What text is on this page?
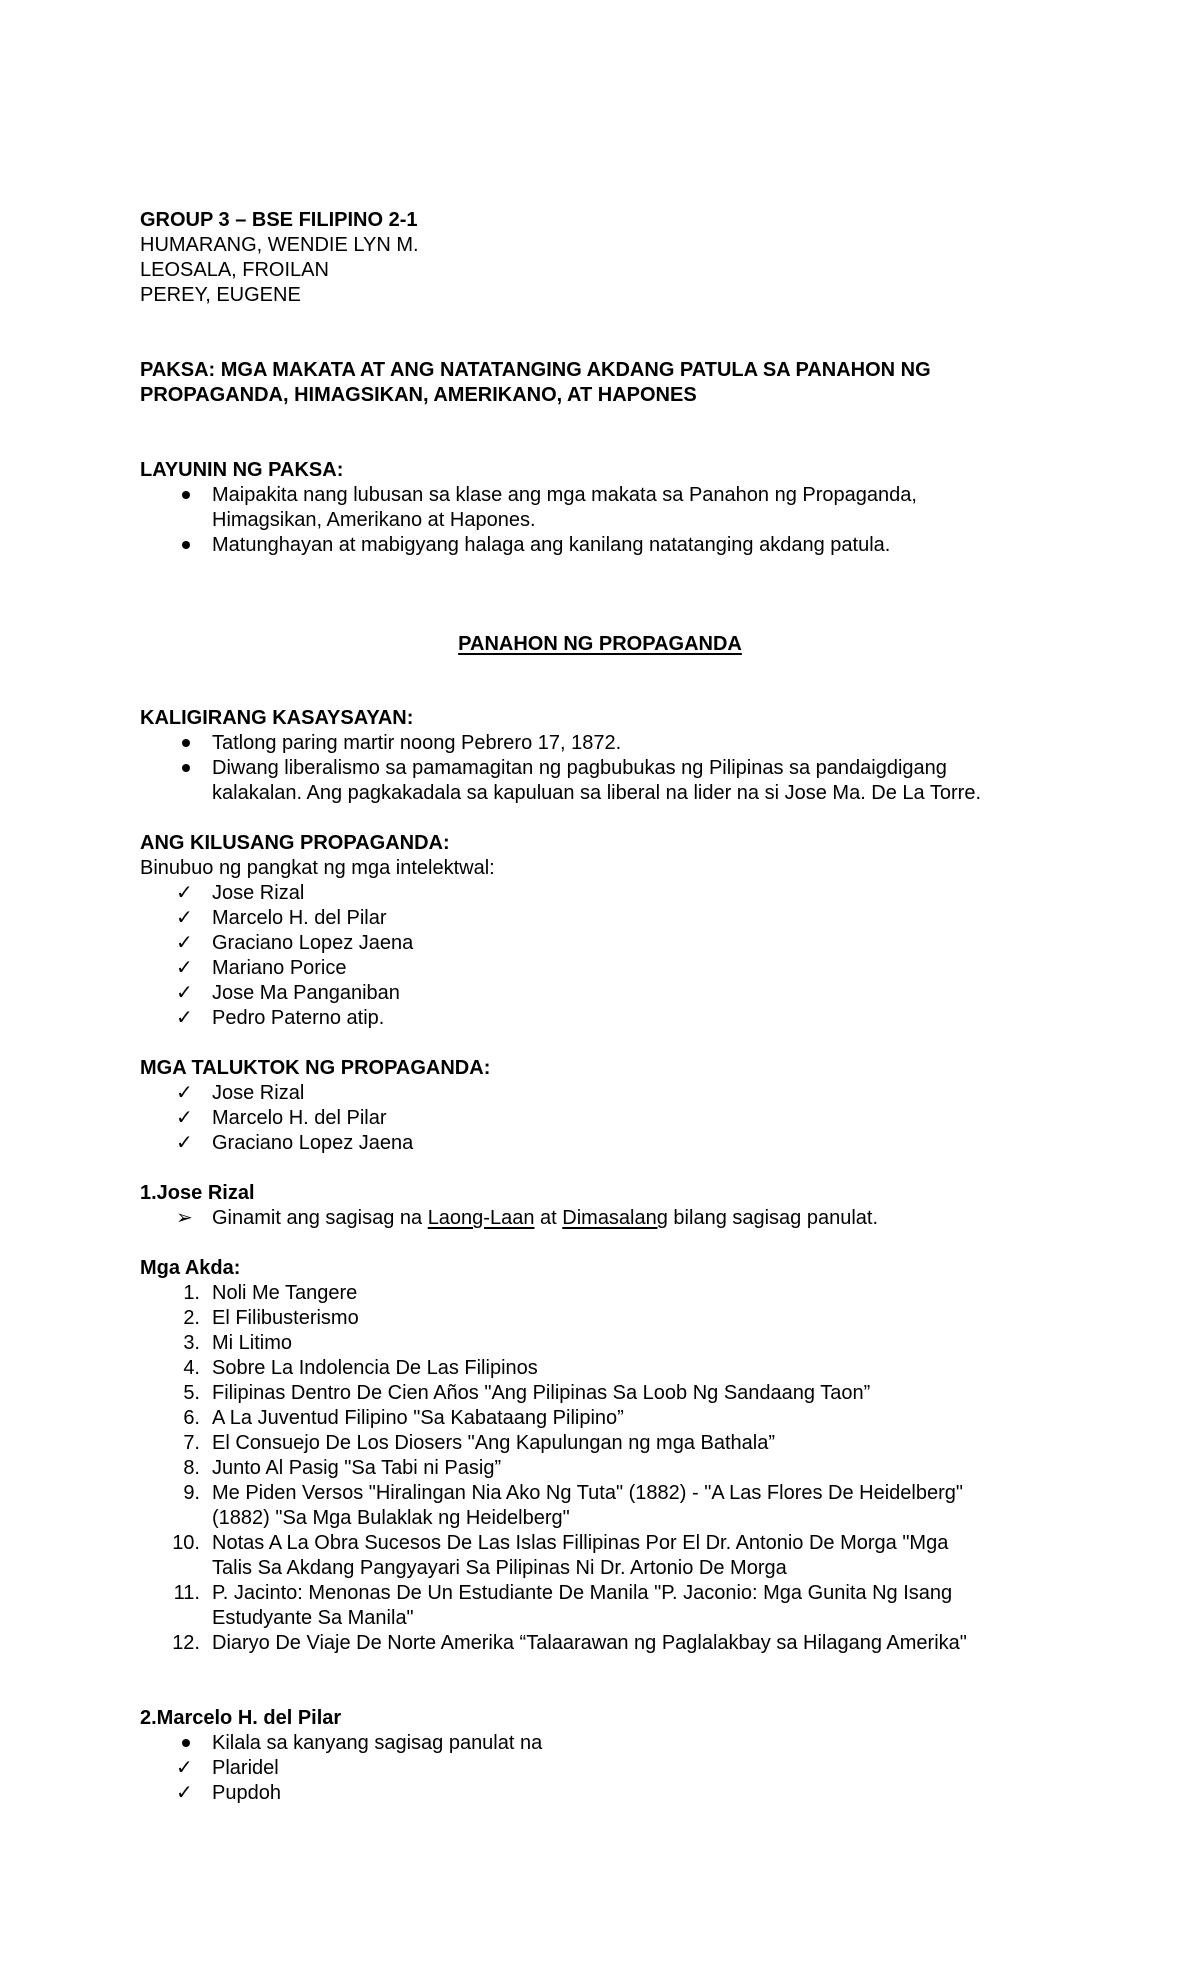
GROUP 3 – BSE FILIPINO 2-1
HUMARANG, WENDIE LYN M.
LEOSALA, FROILAN
PEREY, EUGENE
PAKSA: MGA MAKATA AT ANG NATATANGING AKDANG PATULA SA PANAHON NG
PROPAGANDA, HIMAGSIKAN, AMERIKANO, AT HAPONES
LAYUNIN NG PAKSA:
Maipakita nang lubusan sa klase ang mga makata sa Panahon ng Propaganda,
Himagsikan, Amerikano at Hapones.
Matunghayan at mabigyang halaga ang kanilang natatanging akdang patula.
PANAHON NG PROPAGANDA
KALIGIRANG KASAYSAYAN:
Tatlong paring martir noong Pebrero 17, 1872.
Diwang liberalismo sa pamamagitan ng pagbubukas ng Pilipinas sa pandaigdigang
kalakalan. Ang pagkakadala sa kapuluan sa liberal na lider na si Jose Ma. De La Torre.
ANG KILUSANG PROPAGANDA:
Binubuo ng pangkat ng mga intelektwal:
✓ Jose Rizal
✓ Marcelo H. del Pilar
✓ Graciano Lopez Jaena
✓ Mariano Porice
✓ Jose Ma Panganiban
✓ Pedro Paterno atip.
MGA TALUKTOK NG PROPAGANDA:
✓ Jose Rizal
✓ Marcelo H. del Pilar
✓ Graciano Lopez Jaena
1.Jose Rizal
➢ Ginamit ang sagisag na Laong-Laan at Dimasalang bilang sagisag panulat.
Mga Akda:
1. Noli Me Tangere
2. El Filibusterismo
3. Mi Litimo
4. Sobre La Indolencia De Las Filipinos
5. Filipinas Dentro De Cien Años "Ang Pilipinas Sa Loob Ng Sandaang Taon”
6. A La Juventud Filipino "Sa Kabataang Pilipino”
7. El Consuejo De Los Diosers "Ang Kapulungan ng mga Bathala”
8. Junto Al Pasig "Sa Tabi ni Pasig”
9. Me Piden Versos "Hiralingan Nia Ako Ng Tuta" (1882) - "A Las Flores De Heidelberg"
(1882) "Sa Mga Bulaklak ng Heidelberg"
10. Notas A La Obra Sucesos De Las Islas Fillipinas Por El Dr. Antonio De Morga "Mga
Talis Sa Akdang Pangyayari Sa Pilipinas Ni Dr. Artonio De Morga
11. P. Jacinto: Menonas De Un Estudiante De Manila "P. Jaconio: Mga Gunita Ng Isang
Estudyante Sa Manila"
12. Diaryo De Viaje De Norte Amerika “Talaarawan ng Paglalakbay sa Hilagang Amerika"
2.Marcelo H. del Pilar
Kilala sa kanyang sagisag panulat na
✓ Plaridel
✓ Pupdoh
